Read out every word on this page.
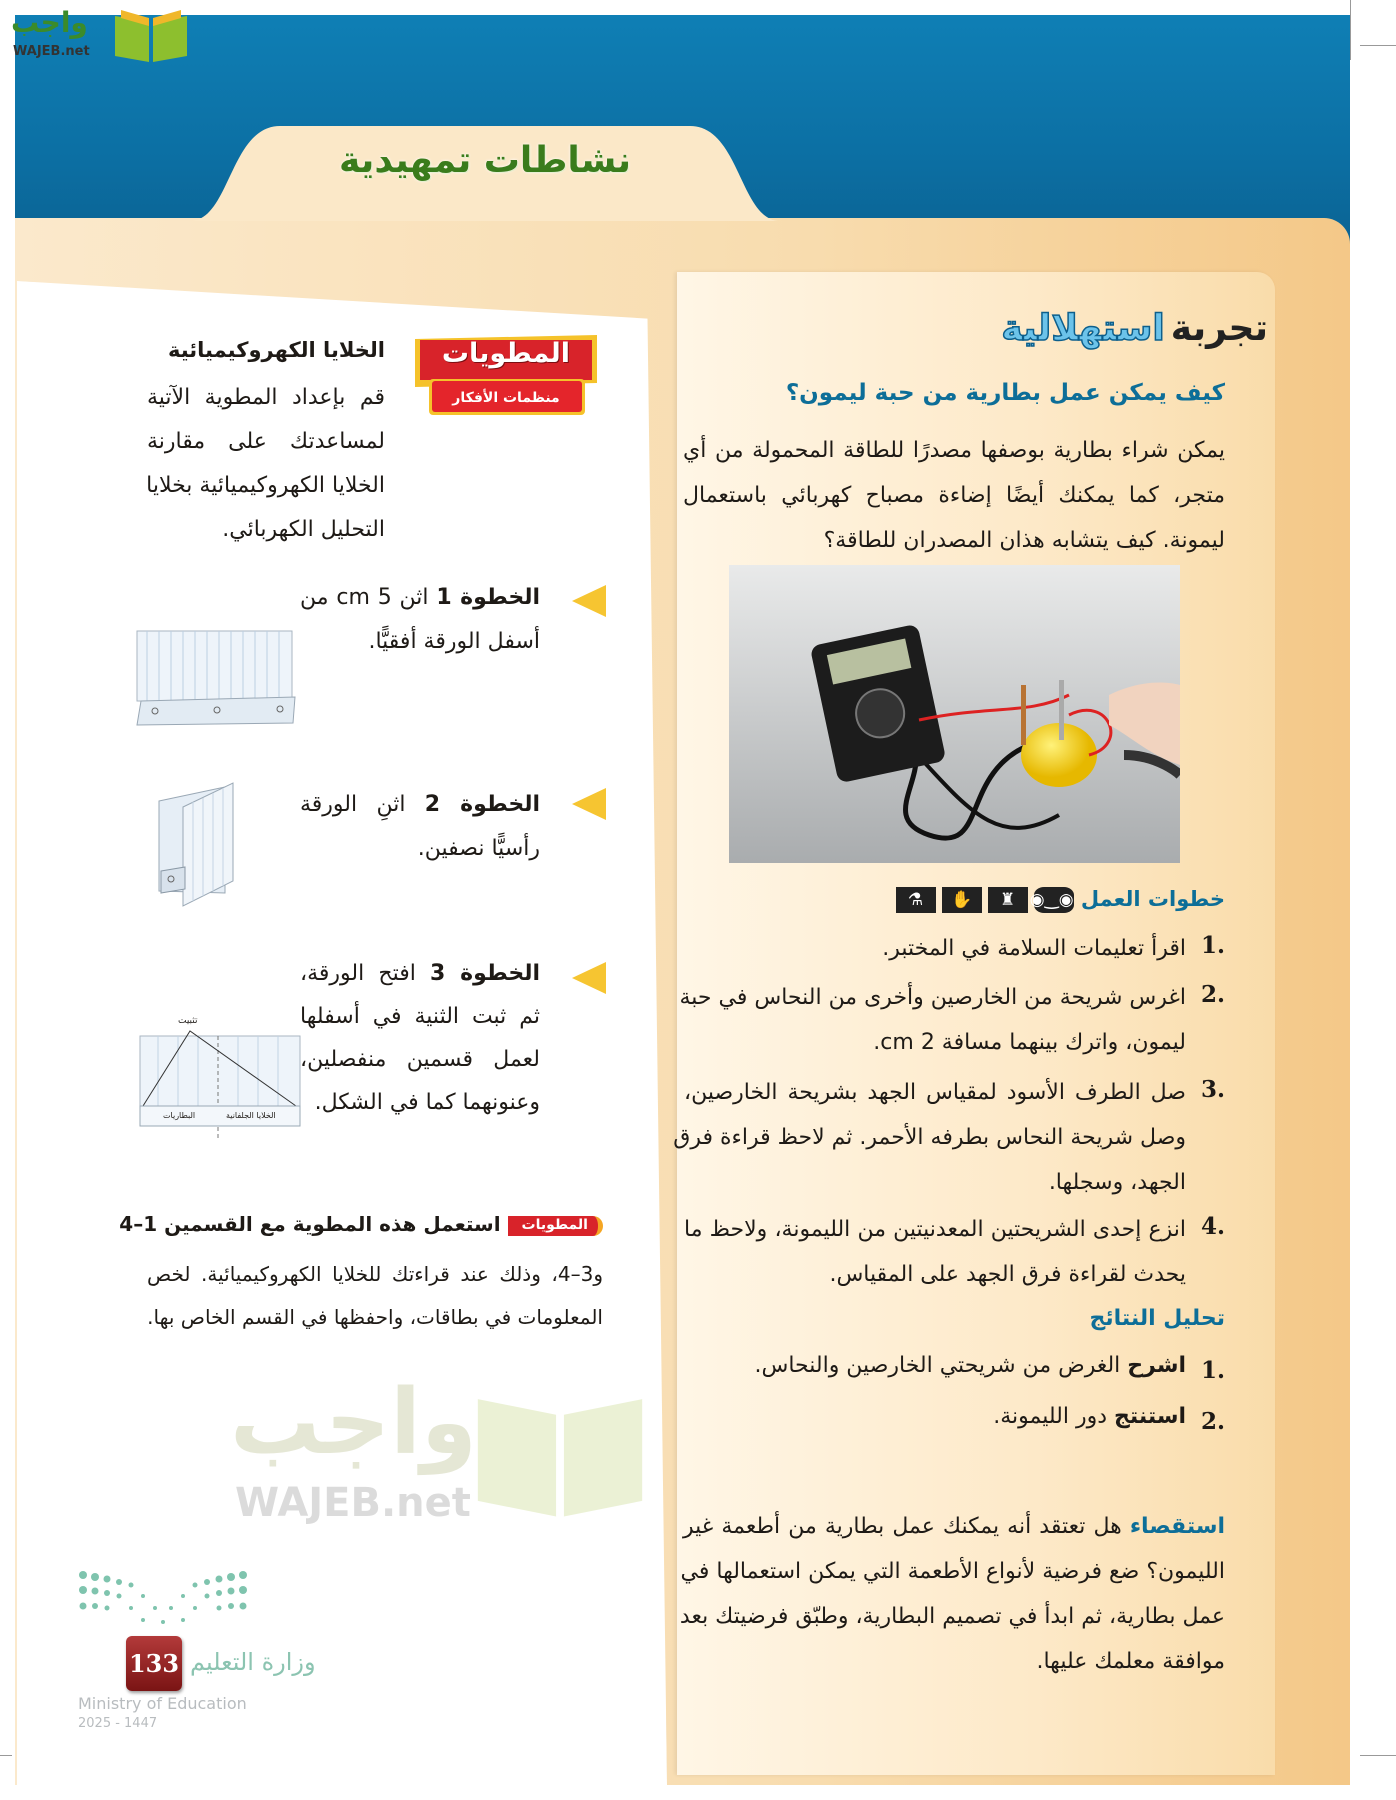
نشاطات تمهيدية
واجب
WAJEB.net
تجربةاستهلالية
كيف يمكن عمل بطارية من حبة ليمون؟
يمكن شراء بطارية بوصفها مصدرًا للطاقة المحمولة من أي
متجر، كما يمكنك أيضًا إضاءة مصباح كهربائي باستعمال
ليمونة. كيف يتشابه هذان المصدران للطاقة؟
خطوات العمل ◉‿◉♜✋⚗
1.
اقرأ تعليمات السلامة في المختبر.
2.
اغرس شريحة من الخارصين وأخرى من النحاس في حبة
ليمون، واترك بينهما مسافة 2 cm.
3.
صل الطرف الأسود لمقياس الجهد بشريحة الخارصين،
وصل شريحة النحاس بطرفه الأحمر. ثم لاحظ قراءة فرق
الجهد، وسجلها.
4.
انزع إحدى الشريحتين المعدنيتين من الليمونة، ولاحظ ما
يحدث لقراءة فرق الجهد على المقياس.
تحليل النتائج
1.
اشرح الغرض من شريحتي الخارصين والنحاس.
2.
استنتج دور الليمونة.
استقصاء هل تعتقد أنه يمكنك عمل بطارية من أطعمة غير
الليمون؟ ضع فرضية لأنواع الأطعمة التي يمكن استعمالها في
عمل بطارية، ثم ابدأ في تصميم البطارية، وطبّق فرضيتك بعد
موافقة معلمك عليها.
المطويات
منظمات الأفكار
الخلايا الكهروكيميائية
قم بإعداد المطوية الآتية
لمساعدتك على مقارنة
الخلايا الكهروكيميائية بخلايا
التحليل الكهربائي.
الخطوة 1 اثن 5 cm من
أسفل الورقة أفقيًّا.
الخطوة 2 اثنِ الورقة
رأسيًّا نصفين.
الخطوة 3 افتح الورقة،
ثم ثبت الثنية في أسفلها
لعمل قسمين منفصلين،
وعنونهما كما في الشكل.
تثبيت
البطاريات	الخلايا الجلفانية
المطويات استعمل هذه المطوية مع القسمين 1–4
و3–4، وذلك عند قراءتك للخلايا الكهروكيميائية. لخص
المعلومات في بطاقات، واحفظها في القسم الخاص بها.
واجب
WAJEB.net
133 وزارة التعليم
Ministry of Education
2025 - 1447
